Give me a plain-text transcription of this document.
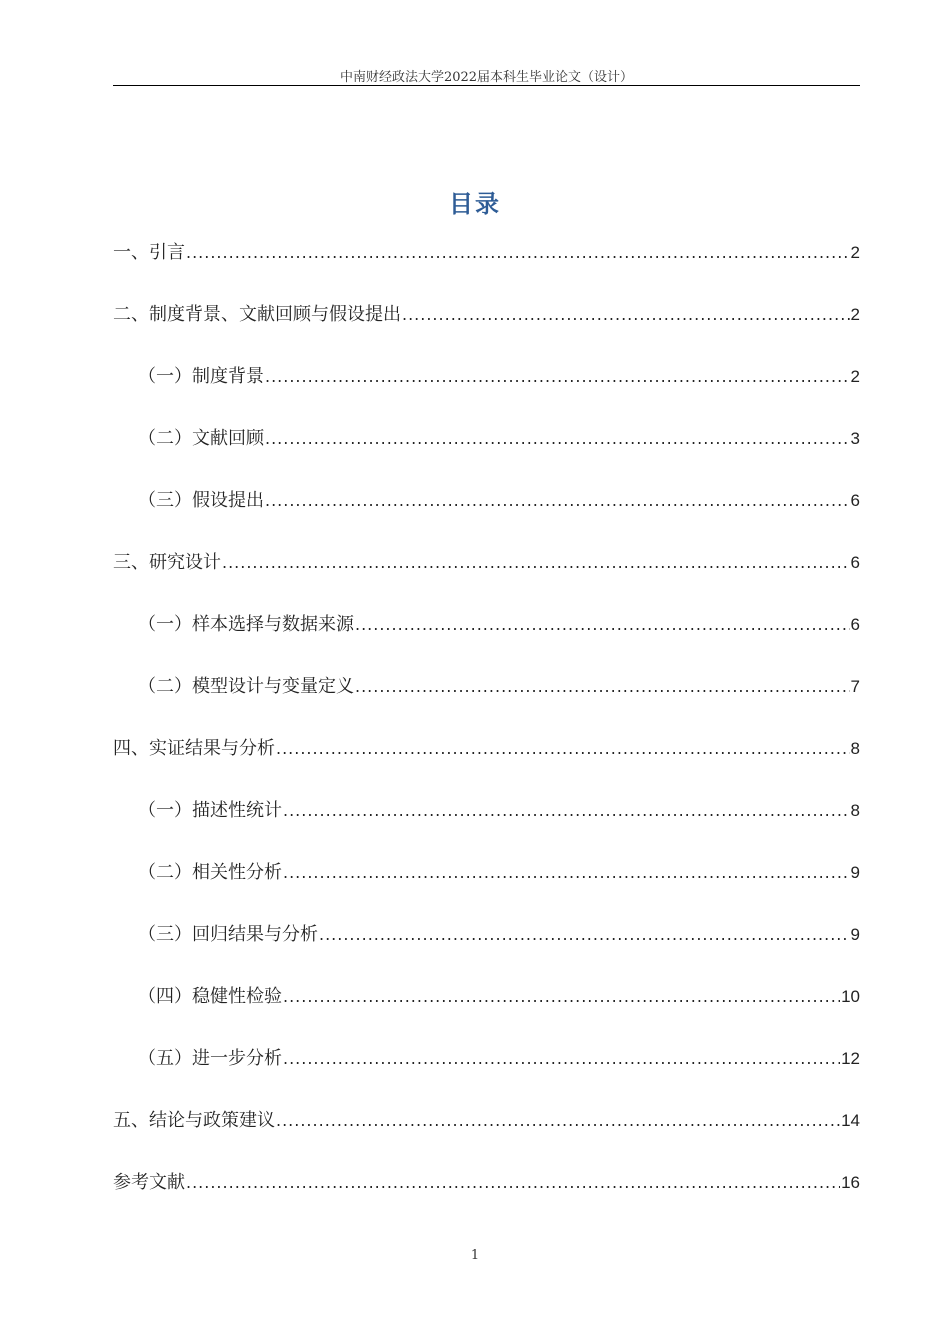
中南财经政法大学2022届本科生毕业论文（设计）
目录
一、引言 .....	2
二、制度背景、文献回顾与假设提出 .....	2
（一）制度背景 .....	2
（二）文献回顾 .....	3
（三）假设提出 .....	6
三、研究设计 .....	6
（一）样本选择与数据来源 .....	6
（二）模型设计与变量定义 .....	7
四、实证结果与分析 .....	8
（一）描述性统计 .....	8
（二）相关性分析 .....	9
（三）回归结果与分析 .....	9
（四）稳健性检验 .....	10
（五）进一步分析 .....	12
五、结论与政策建议 .....	14
参考文献 .....	16
1
